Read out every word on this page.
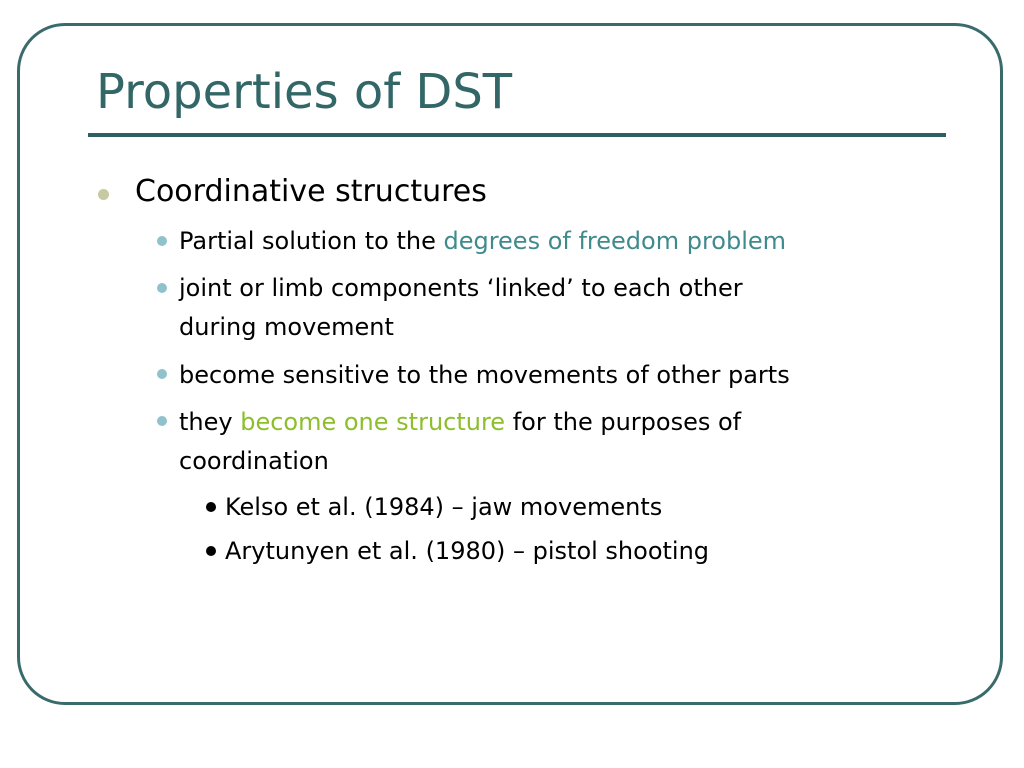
Properties of DST
Coordinative structures
Partial solution to the degrees of freedom problem
joint or limb components ‘linked’ to each other
during movement
become sensitive to the movements of other parts
they become one structure for the purposes of
coordination
Kelso et al. (1984) – jaw movements
Arytunyen et al. (1980) – pistol shooting
